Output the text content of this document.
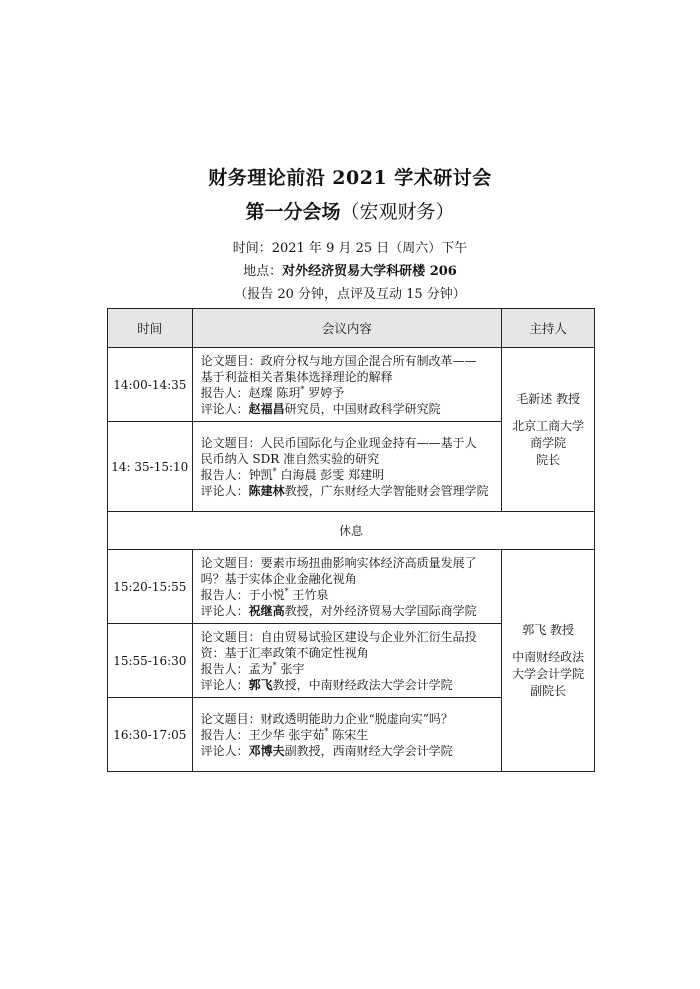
财务理论前沿 2021 学术研讨会
第一分会场（宏观财务）
时间：2021 年 9 月 25 日（周六）下午
地点：对外经济贸易大学科研楼 206
（报告 20 分钟，点评及互动 15 分钟）
时间	会议内容	主持人
14:00-14:35	论文题目：政府分权与地方国企混合所有制改革——
基于利益相关者集体选择理论的解释
报告人：赵璨 陈玥* 罗婷予
评论人：赵福昌研究员，中国财政科学研究院	毛新述 教授
北京工商大学
商学院
院长

14: 35-15:10	论文题目：人民币国际化与企业现金持有——基于人
民币纳入 SDR 准自然实验的研究
报告人：钟凯* 白海晨 彭雯 郑建明
评论人：陈建林教授，广东财经大学智能财会管理学院	

休息		
15:20-15:55	论文题目：要素市场扭曲影响实体经济高质量发展了
吗？基于实体企业金融化视角
报告人：于小悦* 王竹泉
评论人：祝继高教授，对外经济贸易大学国际商学院	郭飞 教授
中南财经政法
大学会计学院
副院长

15:55-16:30	论文题目：自由贸易试验区建设与企业外汇衍生品投
资：基于汇率政策不确定性视角
报告人：孟为* 张宇
评论人：郭飞教授，中南财经政法大学会计学院	

16:30-17:05	论文题目：财政透明能助力企业“脱虚向实”吗？
报告人：王少华 张宇茹* 陈宋生
评论人：邓博夫副教授，西南财经大学会计学院	
